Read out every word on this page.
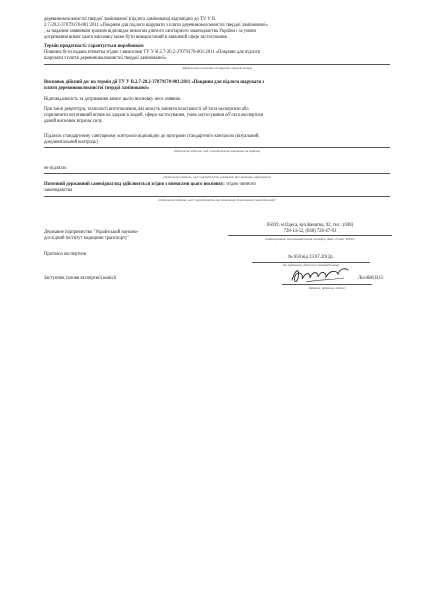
деревиноволокнистої твердої ламінованої (підлога ламінована) відповідно до ТУ У В.
2.7-20.2-37079170-001:2011 «Покриви для підлоги шарувати з плити деревиноволокнистої твердої ламінованої»
, за наданим заявником зразком відповідає вимогам діючого санітарного законодавства України і за умови
дотримання вимог цього висновку може бути використаний в заявленій сфері застосування.
Термін придатності: гарантується виробником
Повинна бути надана етикетка згідно з вимогами ТУ У В.2.7-20.2-37079170-001:2011 «Покриви для підлоги
шарувати з плити деревиноволокнистої твердої ламінованої»
(оформлення етикетки, інструкція, правила тощо)
Висновок дійсний до: на термін дії ТУ У В.2.7-20.2-37079170-001:2011 «Покриви для підлоги шарувати з
плити деревиноволокнистої твердої ламінованої»
Відповідальність за дотримання вимог цього висновку несе заявник.
При зміні рецептури, технології виготовлення, які можуть змінити властивості об’єкта експертизи або
спричинити негативний вплив на здоров’я людей, сфери застосування, умов застосування об’єкта експертизи
даний висновок втрачає силу.
Підлягає стандартному санітарному контролю відповідно до програми стандартного контролю (візуальний,
документальний контроль)
(підлягає/не підлягає, вид і періодичність контролю на кордоні)
не підлягає
(підлягає/не підлягає, вид і періодичність контролю при митному оформленні)
Поточний державний санепіднагляд здійснюється згідно з вимогами цього висновку: згідно чинного
законодавства
(підлягає/не підлягає, вид і періодичність при поточному державному санепіднагляді)
Державне підприємство "Український науково-
дослідний інститут медицини транспорту"
65039, м.Одеса, вул.Канатна, 92, тел.: (048)
728-14-52, (048) 726-47-93
(найменування, місцезнаходження, телефон, факс, E-mail, WWW)
Протокол експертизи
№ 650 від 23.07.2012р.
(№ протоколу, дата його затвердження)
Заступник голови експертної комісії	Лісобей В.О.
(Ініціали, прізвище, підпис)
